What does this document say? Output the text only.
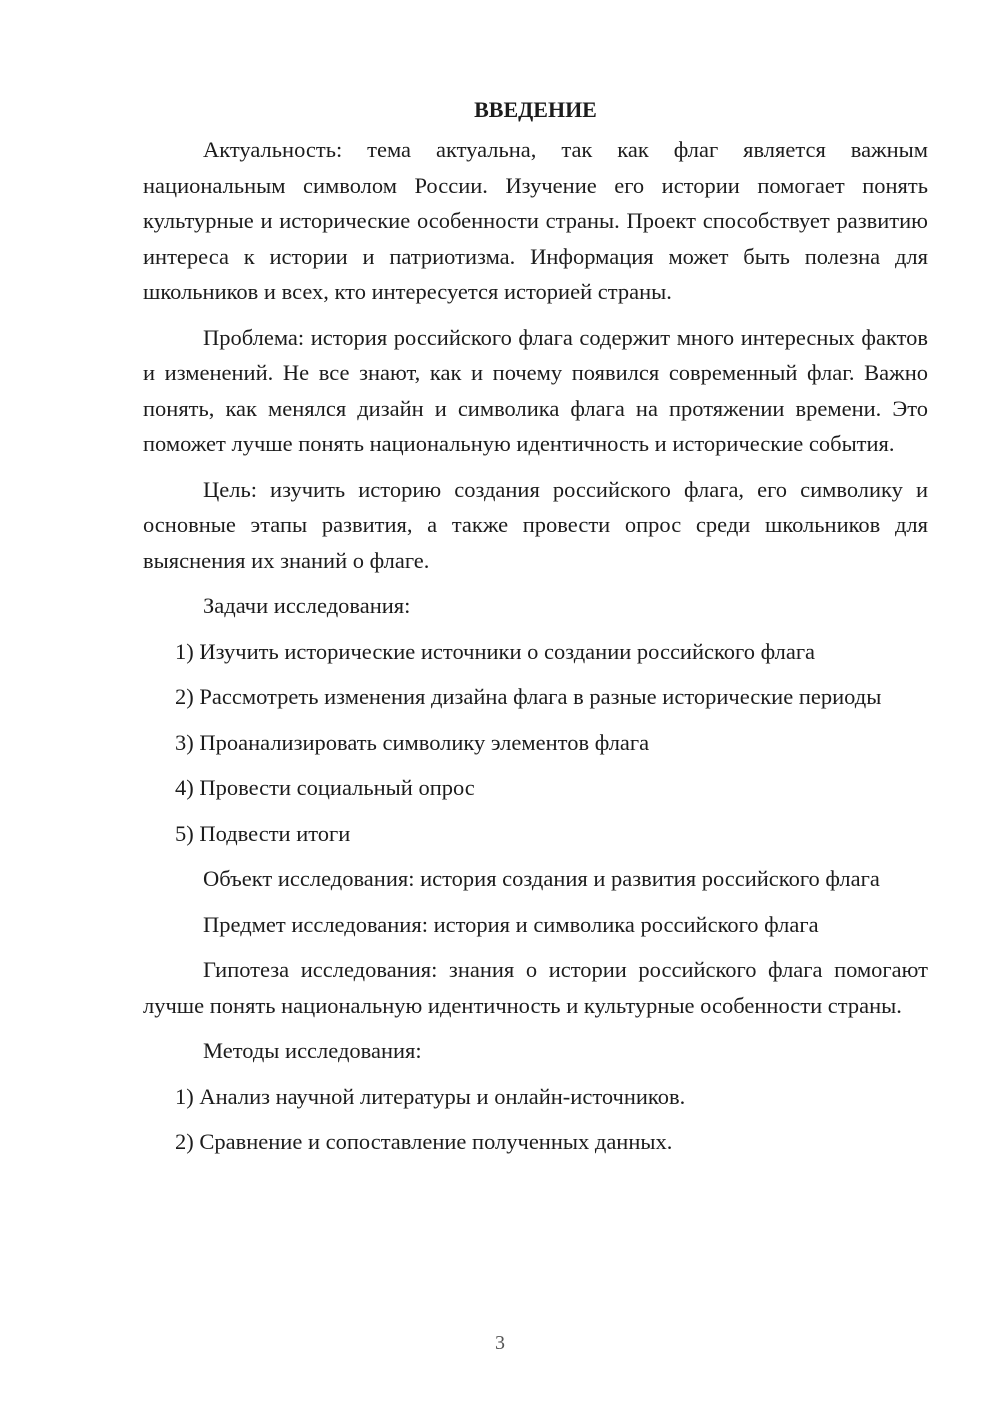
ВВЕДЕНИЕ

Актуальность: тема актуальна, так как флаг является важным национальным символом России. Изучение его истории помогает понять культурные и исторические особенности страны. Проект способствует развитию интереса к истории и патриотизма. Информация может быть полезна для школьников и всех, кто интересуется историей страны.

Проблема: история российского флага содержит много интересных фактов и изменений. Не все знают, как и почему появился современный флаг. Важно понять, как менялся дизайн и символика флага на протяжении времени. Это поможет лучше понять национальную идентичность и исторические события.

Цель: изучить историю создания российского флага, его символику и основные этапы развития, а также провести опрос среди школьников для выяснения их знаний о флаге.

Задачи исследования:

1) Изучить исторические источники о создании российского флага

2) Рассмотреть изменения дизайна флага в разные исторические периоды

3) Проанализировать символику элементов флага

4) Провести социальный опрос

5) Подвести итоги

Объект исследования: история создания и развития российского флага

Предмет исследования: история и символика российского флага

Гипотеза исследования: знания о истории российского флага помогают лучше понять национальную идентичность и культурные особенности страны.

Методы исследования:

1) Анализ научной литературы и онлайн-источников.

2) Сравнение и сопоставление полученных данных.

3
